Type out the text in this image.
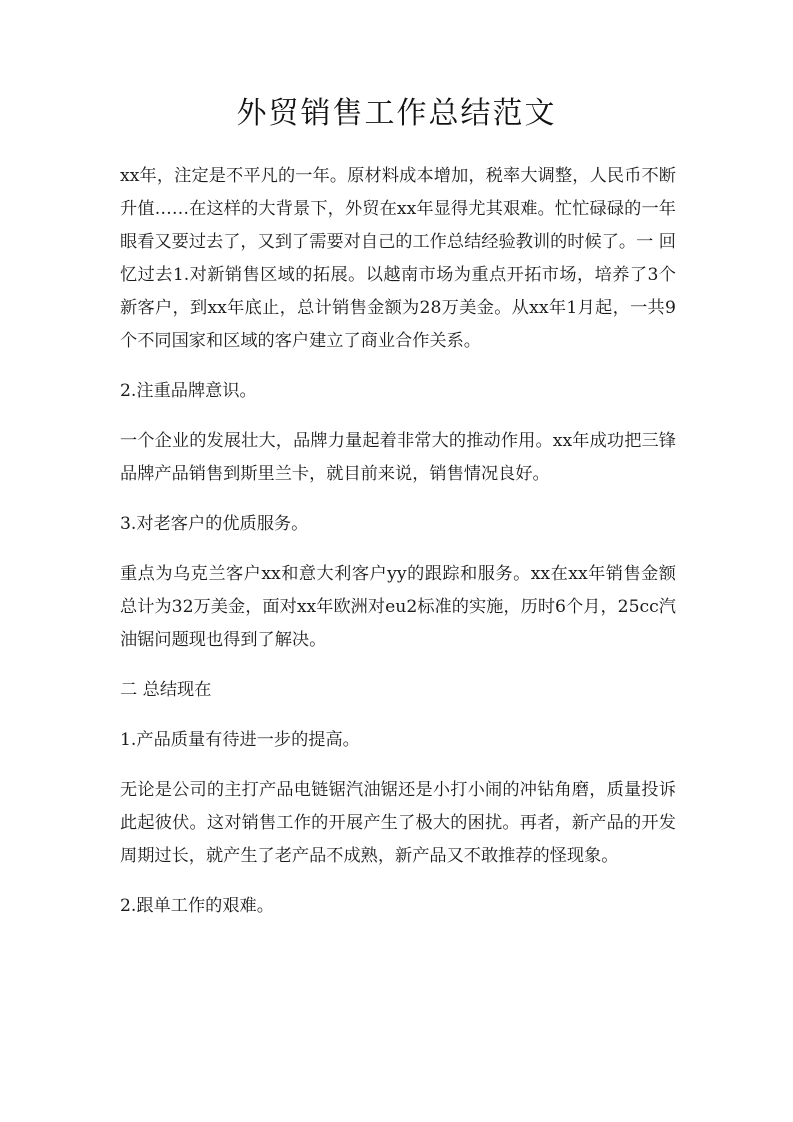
外贸销售工作总结范文

xx年，注定是不平凡的一年。原材料成本增加，税率大调整，人民币不断升值……在这样的大背景下，外贸在xx年显得尤其艰难。忙忙碌碌的一年眼看又要过去了，又到了需要对自己的工作总结经验教训的时候了。一 回忆过去1.对新销售区域的拓展。以越南市场为重点开拓市场，培养了3个新客户，到xx年底止，总计销售金额为28万美金。从xx年1月起，一共9个不同国家和区域的客户建立了商业合作关系。

2.注重品牌意识。

一个企业的发展壮大，品牌力量起着非常大的推动作用。xx年成功把三锋品牌产品销售到斯里兰卡，就目前来说，销售情况良好。

3.对老客户的优质服务。

重点为乌克兰客户xx和意大利客户yy的跟踪和服务。xx在xx年销售金额总计为32万美金，面对xx年欧洲对eu2标准的实施，历时6个月，25cc汽油锯问题现也得到了解决。

二 总结现在

1.产品质量有待进一步的提高。

无论是公司的主打产品电链锯汽油锯还是小打小闹的冲钻角磨，质量投诉此起彼伏。这对销售工作的开展产生了极大的困扰。再者，新产品的开发周期过长，就产生了老产品不成熟，新产品又不敢推荐的怪现象。

2.跟单工作的艰难。
